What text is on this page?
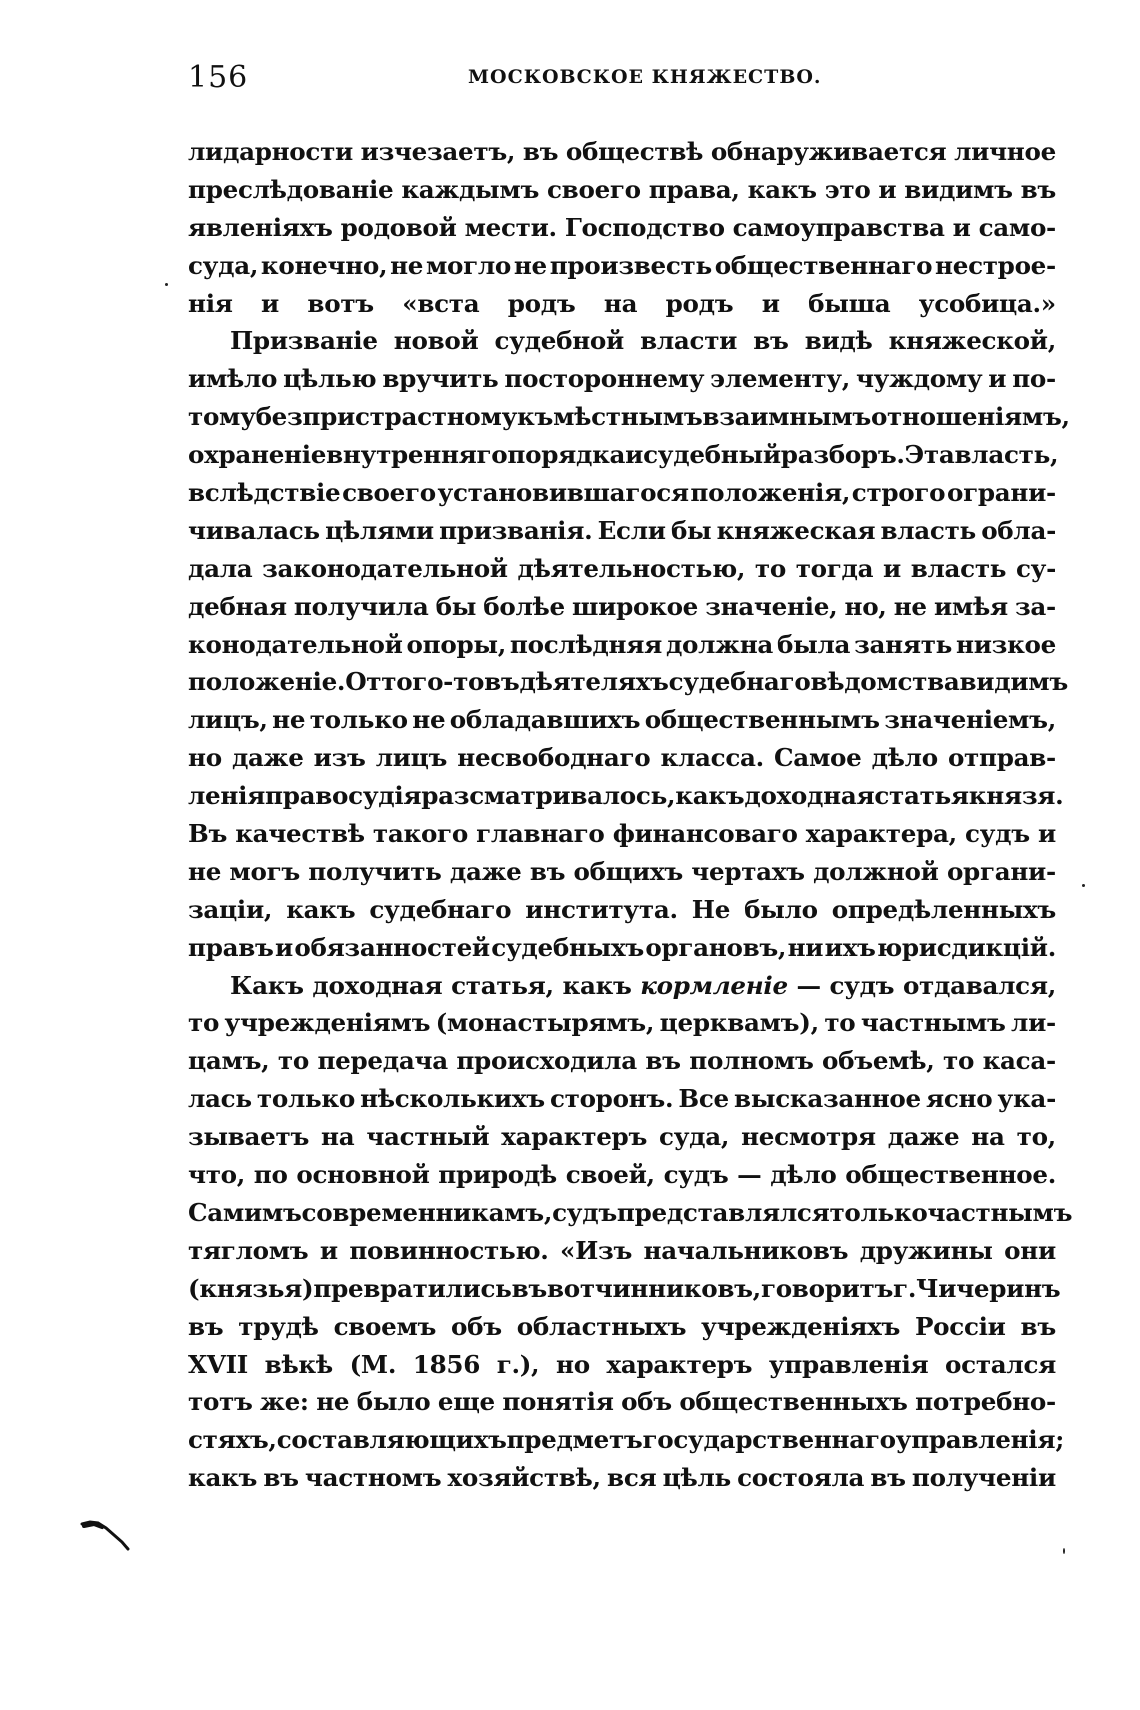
156	МОСКОВСКОЕ КНЯЖЕСТВО.
лидарности изчезаетъ, въ обществѣ обнаруживается личное
преслѣдованіе каждымъ своего права, какъ это и видимъ въ
явленіяхъ родовой мести. Господство самоуправства и само-
суда, конечно, не могло не произвесть общественнаго нестрое-
нія и вотъ «вста родъ на родъ и быша усобица.»
Призваніе новой судебной власти въ видѣ княжеской,
имѣло цѣлью вручить постороннему элементу, чуждому и по-
тому безпристрастному къ мѣстнымъ взаимнымъ отношеніямъ,
охраненіе внутренняго порядка и судебный разборъ. Эта власть,
вслѣдствіе своего установившагося положенія, строго ограни-
чивалась цѣлями призванія. Если бы княжеская власть обла-
дала законодательной дѣятельностью, то тогда и власть су-
дебная получила бы болѣе широкое значеніе, но, не имѣя за-
конодательной опоры, послѣдняя должна была занять низкое
положеніе. Оттого-то въ дѣятеляхъ судебнаго вѣдомства видимъ
лицъ, не только не обладавшихъ общественнымъ значеніемъ,
но даже изъ лицъ несвободнаго класса. Самое дѣло отправ-
ленія правосудія разсматривалось, какъ доходная статья князя.
Въ качествѣ такого главнаго финансоваго характера, судъ и
не могъ получить даже въ общихъ чертахъ должной органи-
заціи, какъ судебнаго института. Не было опредѣленныхъ
правъ и обязанностей судебныхъ органовъ, ни ихъ юрисдикцій.
Какъ доходная статья, какъ кормленіе — судъ отдавался,
то учрежденіямъ (монастырямъ, церквамъ), то частнымъ ли-
цамъ, то передача происходила въ полномъ объемѣ, то каса-
лась только нѣсколькихъ сторонъ. Все высказанное ясно ука-
зываетъ на частный характеръ суда, несмотря даже на то,
что, по основной природѣ своей, судъ — дѣло общественное.
Самимъ современникамъ, судъ представлялся только частнымъ
тягломъ и повинностью. «Изъ начальниковъ дружины они
(князья) превратились въ вотчинниковъ, говоритъ г. Чичеринъ
въ трудѣ своемъ объ областныхъ учрежденіяхъ Россіи въ
XVII вѣкѣ (М. 1856 г.), но характеръ управленія остался
тотъ же: не было еще понятія объ общественныхъ потребно-
стяхъ, составляющихъ предметъ государственнаго управленія;
какъ въ частномъ хозяйствѣ, вся цѣль состояла въ полученіи
